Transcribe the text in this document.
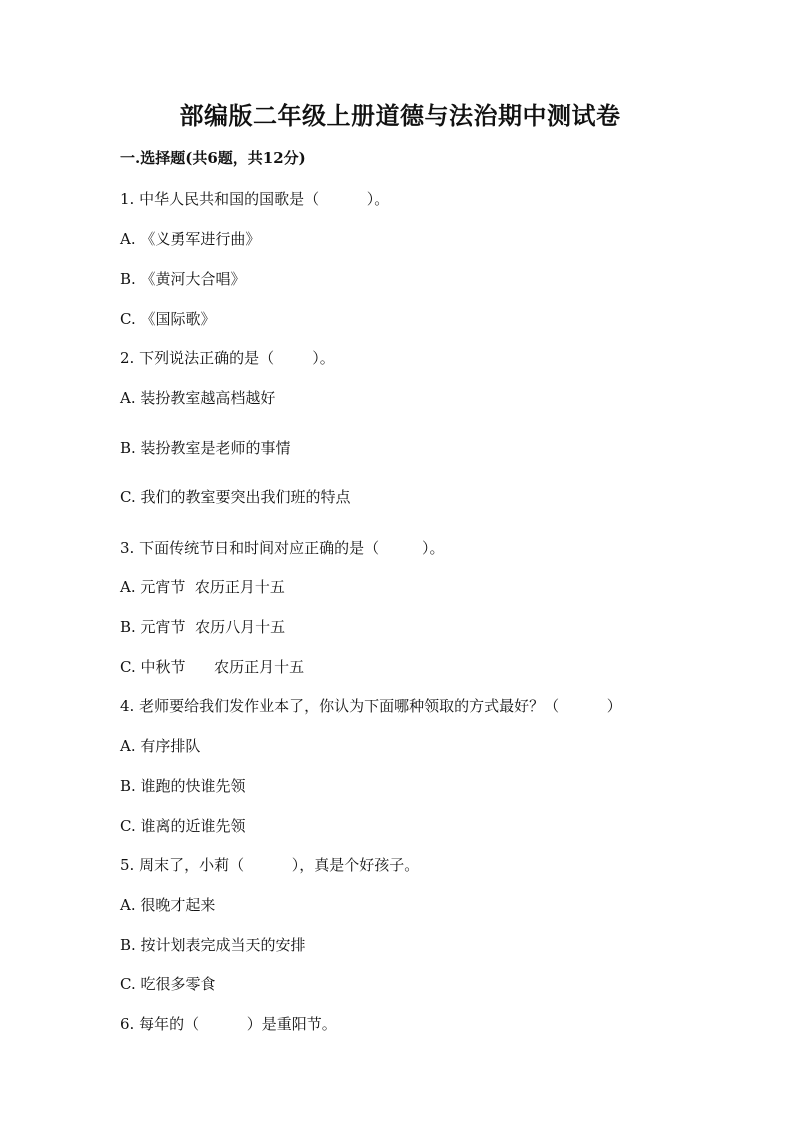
部编版二年级上册道德与法治期中测试卷
一.选择题(共6题，共12分)

1. 中华人民共和国的国歌是（          ）。

A. 《义勇军进行曲》

B. 《黄河大合唱》

C. 《国际歌》

2. 下列说法正确的是（        ）。

A. 装扮教室越高档越好

B. 装扮教室是老师的事情

C. 我们的教室要突出我们班的特点

3. 下面传统节日和时间对应正确的是（         ）。

A. 元宵节  农历正月十五

B. 元宵节  农历八月十五

C. 中秋节      农历正月十五

4. 老师要给我们发作业本了，你认为下面哪种领取的方式最好？（          ）

A. 有序排队

B. 谁跑的快谁先领

C. 谁离的近谁先领

5. 周末了，小莉（          ），真是个好孩子。

A. 很晚才起来

B. 按计划表完成当天的安排

C. 吃很多零食

6. 每年的（          ）是重阳节。
